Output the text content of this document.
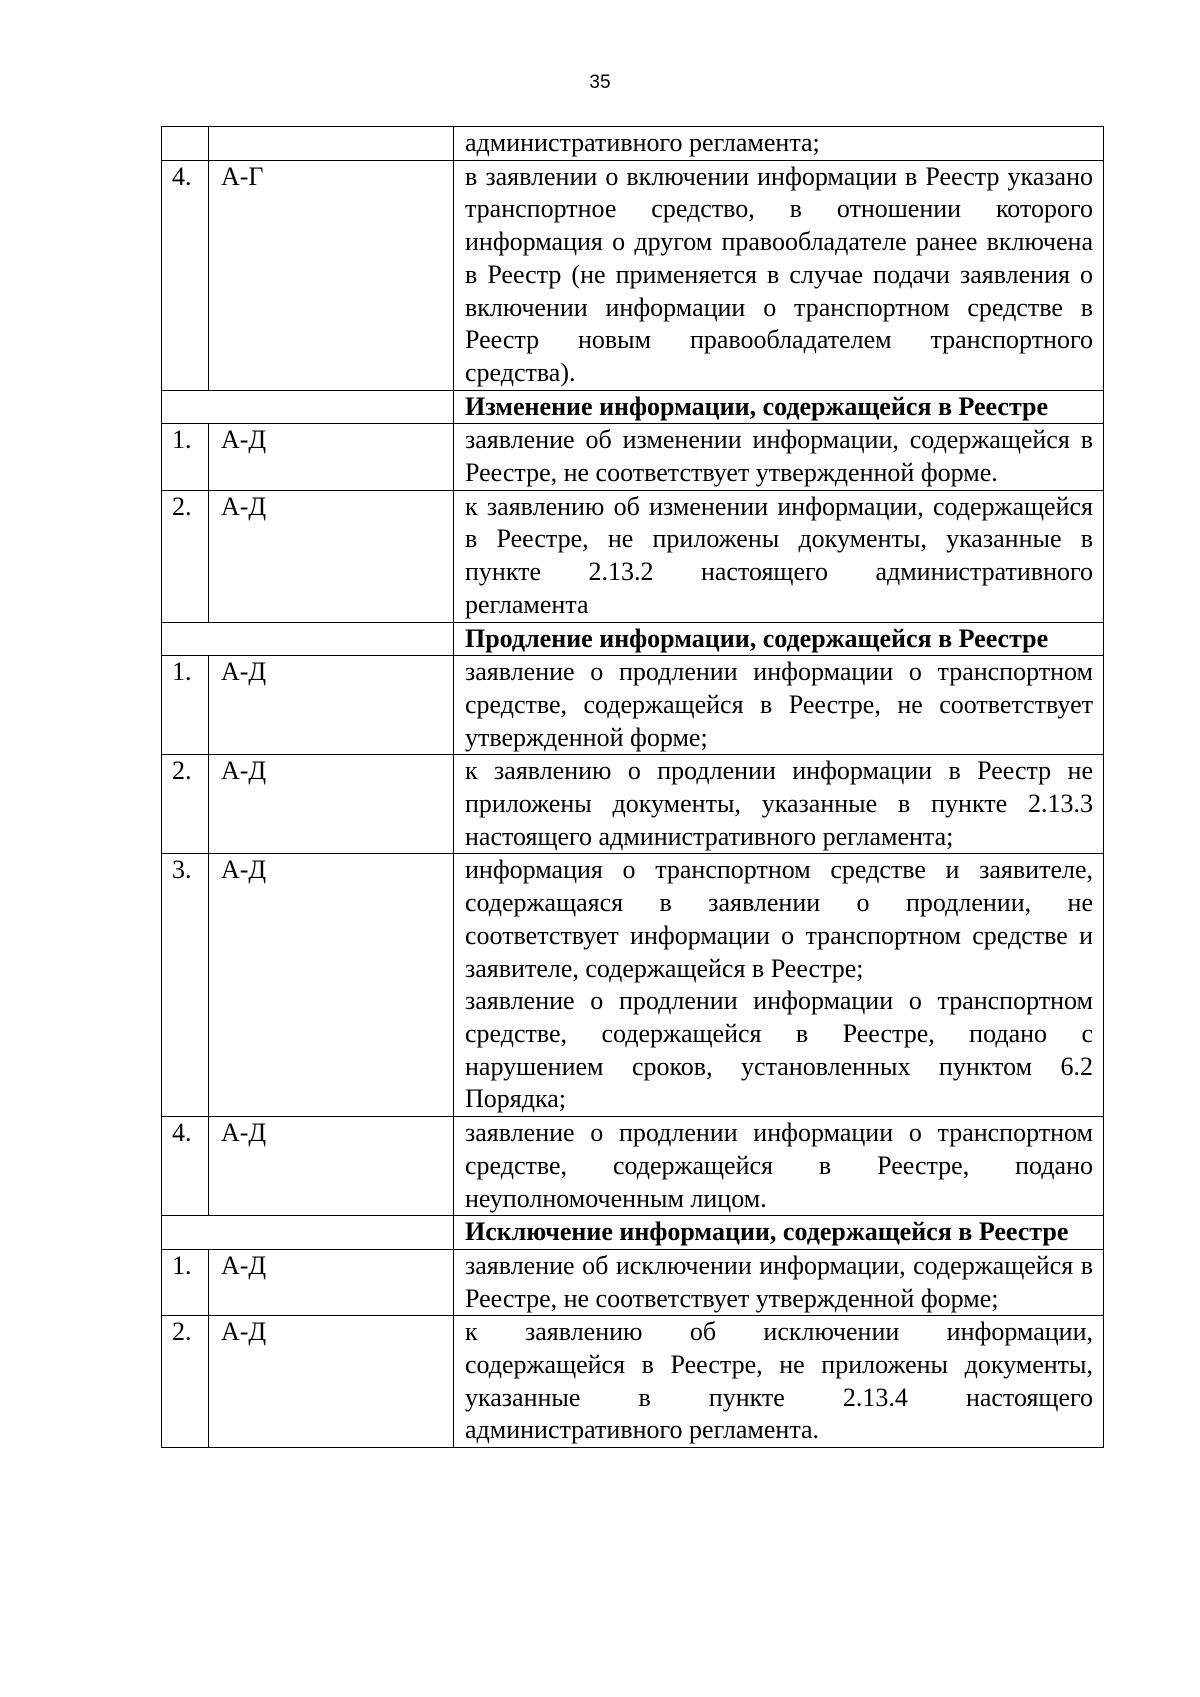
35

		административного регламента;

4.	А-Г	в заявлении о включении информации в Реестр указано транспортное средство, в отношении которого информация о другом правообладателе ранее включена в Реестр (не применяется в случае подачи заявления о включении информации о транспортном средстве в Реестр новым правообладателем транспортного средства).

		Изменение информации, содержащейся в Реестре
1.	А-Д	заявление об изменении информации, содержащейся в Реестре, не соответствует утвержденной форме.

2.	А-Д	к заявлению об изменении информации, содержащейся в Реестре, не приложены документы, указанные в пункте 2.13.2 настоящего административного регламента

		Продление информации, содержащейся в Реестре
1.	А-Д	заявление о продлении информации о транспортном средстве, содержащейся в Реестре, не соответствует утвержденной форме;

2.	А-Д	к заявлению о продлении информации в Реестр не приложены документы, указанные в пункте 2.13.3 настоящего административного регламента;

3.	А-Д	информация о транспортном средстве и заявителе, содержащаяся в заявлении о продлении, не соответствует информации о транспортном средстве и заявителе, содержащейся в Реестре;
заявление о продлении информации о транспортном средстве, содержащейся в Реестре, подано с нарушением сроков, установленных пунктом 6.2 Порядка;

4.	А-Д	заявление о продлении информации о транспортном средстве, содержащейся в Реестре, подано неуполномоченным лицом.

		Исключение информации, содержащейся в Реестре
1.	А-Д	заявление об исключении информации, содержащейся в Реестре, не соответствует утвержденной форме;

2.	А-Д	к заявлению об исключении информации, содержащейся в Реестре, не приложены документы, указанные в пункте 2.13.4 настоящего административного регламента.
